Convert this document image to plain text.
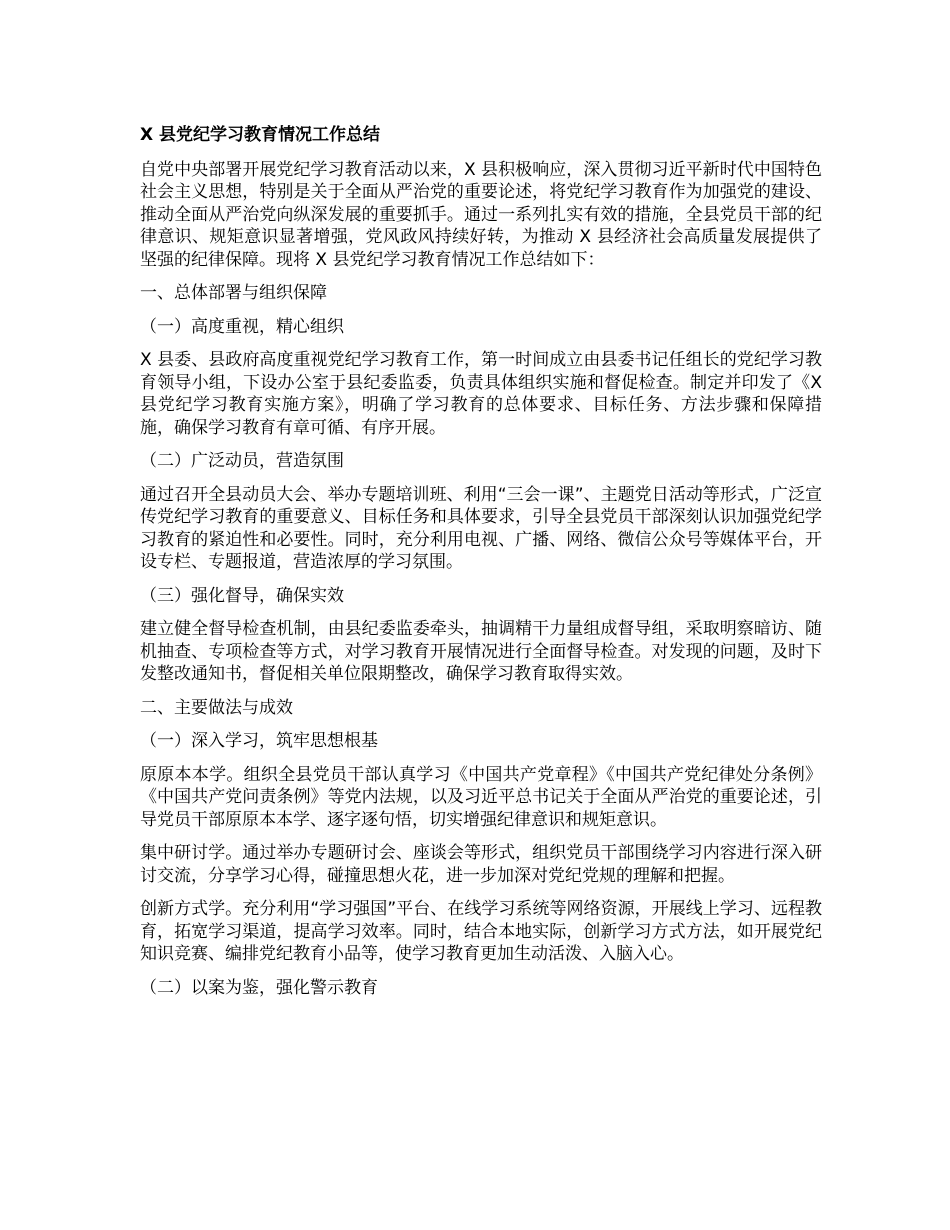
X 县党纪学习教育情况工作总结

自党中央部署开展党纪学习教育活动以来，X 县积极响应，深入贯彻习近平新时代中国特色社会主义思想，特别是关于全面从严治党的重要论述，将党纪学习教育作为加强党的建设、推动全面从严治党向纵深发展的重要抓手。通过一系列扎实有效的措施，全县党员干部的纪律意识、规矩意识显著增强，党风政风持续好转，为推动 X 县经济社会高质量发展提供了坚强的纪律保障。现将 X 县党纪学习教育情况工作总结如下：

一、总体部署与组织保障

（一）高度重视，精心组织

X 县委、县政府高度重视党纪学习教育工作，第一时间成立由县委书记任组长的党纪学习教育领导小组，下设办公室于县纪委监委，负责具体组织实施和督促检查。制定并印发了《X 县党纪学习教育实施方案》，明确了学习教育的总体要求、目标任务、方法步骤和保障措施，确保学习教育有章可循、有序开展。

（二）广泛动员，营造氛围

通过召开全县动员大会、举办专题培训班、利用“三会一课”、主题党日活动等形式，广泛宣传党纪学习教育的重要意义、目标任务和具体要求，引导全县党员干部深刻认识加强党纪学习教育的紧迫性和必要性。同时，充分利用电视、广播、网络、微信公众号等媒体平台，开设专栏、专题报道，营造浓厚的学习氛围。

（三）强化督导，确保实效

建立健全督导检查机制，由县纪委监委牵头，抽调精干力量组成督导组，采取明察暗访、随机抽查、专项检查等方式，对学习教育开展情况进行全面督导检查。对发现的问题，及时下发整改通知书，督促相关单位限期整改，确保学习教育取得实效。

二、主要做法与成效

（一）深入学习，筑牢思想根基

原原本本学。组织全县党员干部认真学习《中国共产党章程》《中国共产党纪律处分条例》《中国共产党问责条例》等党内法规，以及习近平总书记关于全面从严治党的重要论述，引导党员干部原原本本学、逐字逐句悟，切实增强纪律意识和规矩意识。

集中研讨学。通过举办专题研讨会、座谈会等形式，组织党员干部围绕学习内容进行深入研讨交流，分享学习心得，碰撞思想火花，进一步加深对党纪党规的理解和把握。

创新方式学。充分利用“学习强国”平台、在线学习系统等网络资源，开展线上学习、远程教育，拓宽学习渠道，提高学习效率。同时，结合本地实际，创新学习方式方法，如开展党纪知识竞赛、编排党纪教育小品等，使学习教育更加生动活泼、入脑入心。

（二）以案为鉴，强化警示教育
